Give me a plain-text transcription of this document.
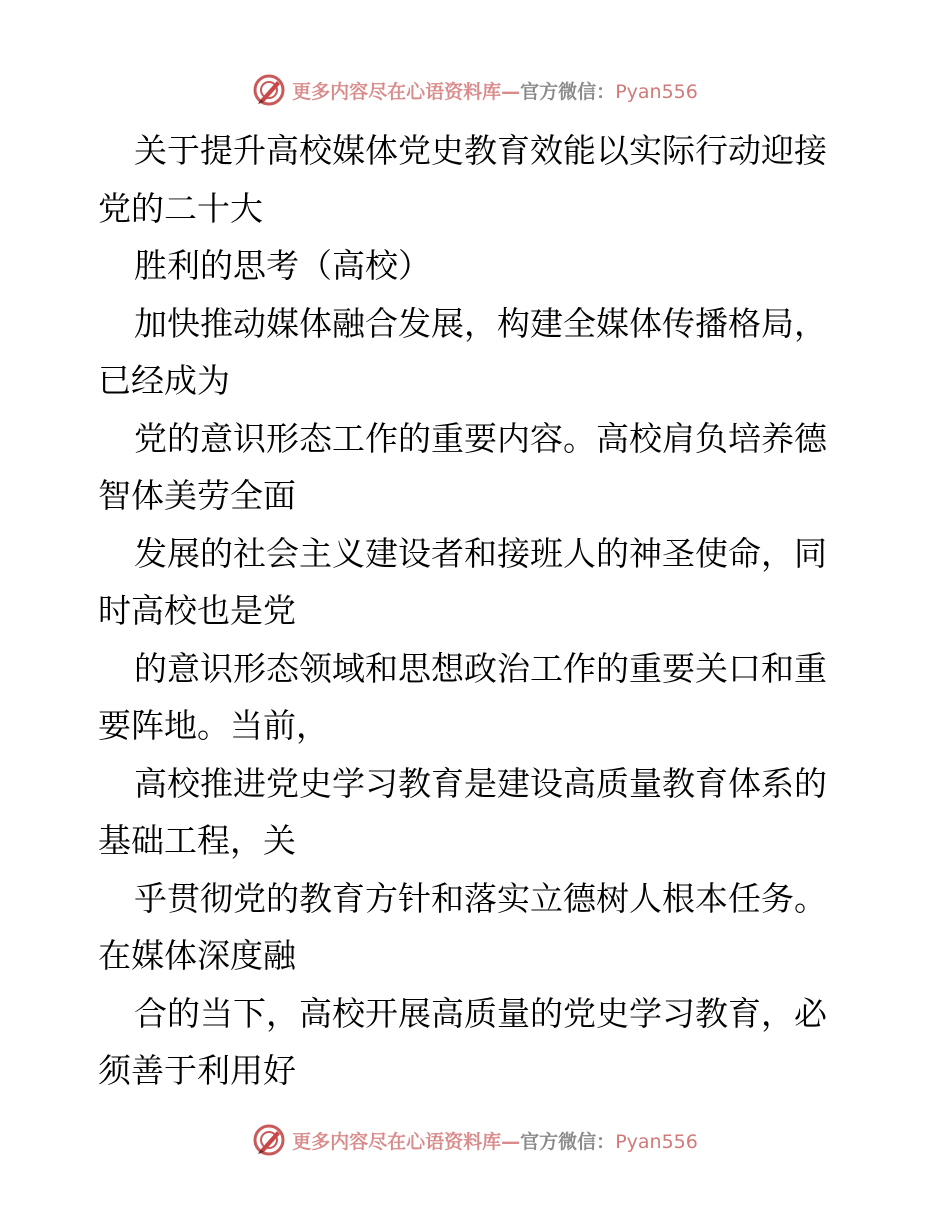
更多内容尽在心语资料库—官方微信：Pyan556
关于提升高校媒体党史教育效能以实际行动迎接
党的二十大
胜利的思考（高校）
加快推动媒体融合发展，构建全媒体传播格局，
已经成为
党的意识形态工作的重要内容。高校肩负培养德
智体美劳全面
发展的社会主义建设者和接班人的神圣使命，同
时高校也是党
的意识形态领域和思想政治工作的重要关口和重
要阵地。当前，
高校推进党史学习教育是建设高质量教育体系的
基础工程，关
乎贯彻党的教育方针和落实立德树人根本任务。
在媒体深度融
合的当下，高校开展高质量的党史学习教育，必
须善于利用好
更多内容尽在心语资料库—官方微信：Pyan556
